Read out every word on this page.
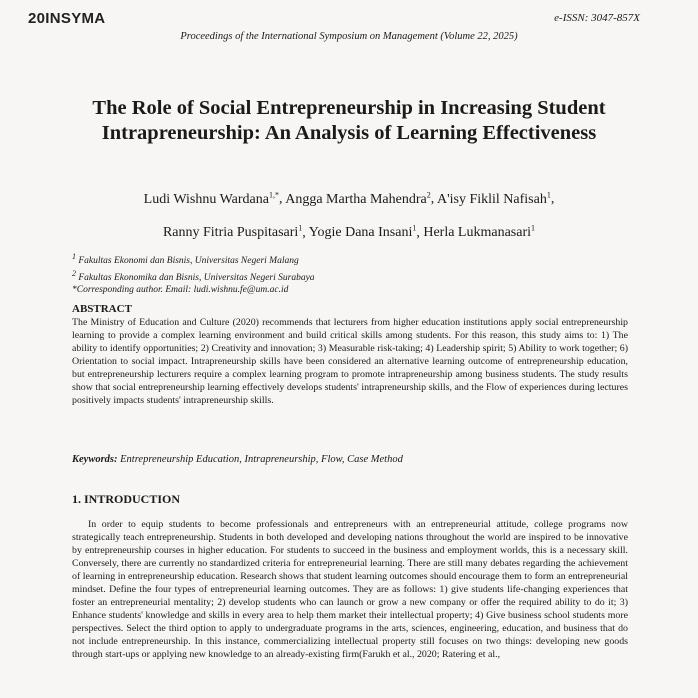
20INSYMA	e-ISSN: 3047-857X
Proceedings of the International Symposium on Management (Volume 22, 2025)
The Role of Social Entrepreneurship in Increasing Student Intrapreneurship: An Analysis of Learning Effectiveness
Ludi Wishnu Wardana$^{1,*}$, Angga Martha Mahendra$^2$, A'isy Fiklil Nafisah$^1$,
Ranny Fitria Puspitasari$^1$, Yogie Dana Insani$^1$, Herla Lukmanasari$^1$
$^1$ Fakultas Ekonomi dan Bisnis, Universitas Negeri Malang
$^2$ Fakultas Ekonomika dan Bisnis, Universitas Negeri Surabaya
*Corresponding author. Email: ludi.wishnu.fe@um.ac.id
ABSTRACT
The Ministry of Education and Culture (2020) recommends that lecturers from higher education institutions apply social entrepreneurship learning to provide a complex learning environment and build critical skills among students. For this reason, this study aims to: 1) The ability to identify opportunities; 2) Creativity and innovation; 3) Measurable risk-taking; 4) Leadership spirit; 5) Ability to work together; 6) Orientation to social impact. Intrapreneurship skills have been considered an alternative learning outcome of entrepreneurship education, but entrepreneurship lecturers require a complex learning program to promote intrapreneurship among business students. The study results show that social entrepreneurship learning effectively develops students' intrapreneurship skills, and the Flow of experiences during lectures positively impacts students' intrapreneurship skills.
Keywords: Entrepreneurship Education, Intrapreneurship, Flow, Case Method
1. INTRODUCTION
In order to equip students to become professionals and entrepreneurs with an entrepreneurial attitude, college programs now strategically teach entrepreneurship. Students in both developed and developing nations throughout the world are inspired to be innovative by entrepreneurship courses in higher education. For students to succeed in the business and employment worlds, this is a necessary skill. Conversely, there are currently no standardized criteria for entrepreneurial learning. There are still many debates regarding the achievement of learning in entrepreneurship education. Research shows that student learning outcomes should encourage them to form an entrepreneurial mindset. Define the four types of entrepreneurial learning outcomes. They are as follows: 1) give students life-changing experiences that foster an entrepreneurial mentality; 2) develop students who can launch or grow a new company or offer the required ability to do it; 3) Enhance students' knowledge and skills in every area to help them market their intellectual property; 4) Give business school students more perspectives. Select the third option to apply to undergraduate programs in the arts, sciences, engineering, education, and business that do not include entrepreneurship. In this instance, commercializing intellectual property still focuses on two things: developing new goods through start-ups or applying new knowledge to an already-existing firm(Farukh et al., 2020; Ratering et al.,
